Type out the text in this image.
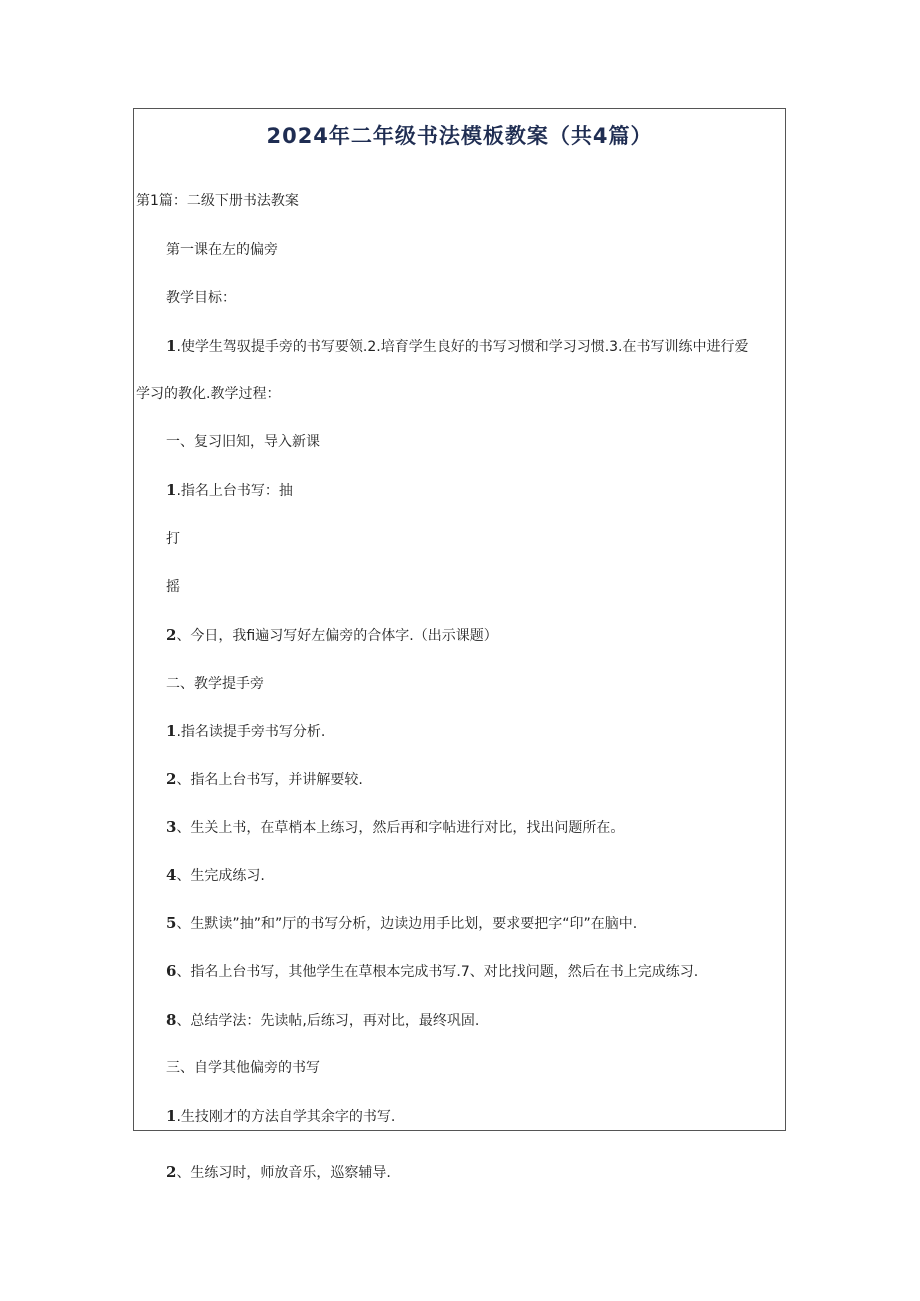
2024年二年级书法模板教案（共4篇）
第1篇：二级下册书法教案
第一课在左的偏旁
教学目标：
1.使学生驾驭提手旁的书写要领.2.培育学生良好的书写习惯和学习习惯.3.在书写训练中进行爱
学习的教化.教学过程：
一、复习旧知，导入新课
1.指名上台书写：抽
打
摇
2、今日，我fi遍习写好左偏旁的合体字.（出示课题）
二、教学提手旁
1.指名读提手旁书写分析.
2、指名上台书写，并讲解要较.
3、生关上书，在草梢本上练习，然后再和字帖进行对比，找出问题所在。
4、生完成练习.
5、生默读”抽”和”厅的书写分析，边读边用手比划，要求要把字“印”在脑中.
6、指名上台书写，其他学生在草根本完成书写.7、对比找问题，然后在书上完成练习.
8、总结学法：先读帖,后练习，再对比，最终巩固.
三、自学其他偏旁的书写
1.生技刚才的方法自学其余字的书写.
2、生练习时，师放音乐，巡察辅导.
